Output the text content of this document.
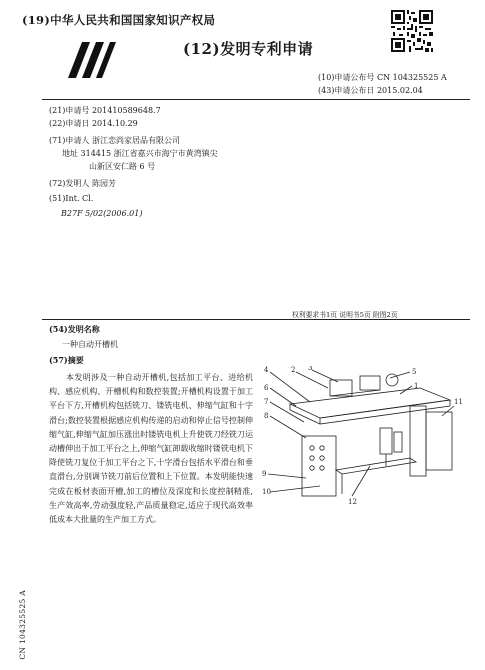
(19)中华人民共和国国家知识产权局
(12)发明专利申请
(10)申请公布号 CN 104325525 A
(43)申请公布日 2015.02.04
(21)申请号 201410589648.7
(22)申请日 2014.10.29
(71)申请人 浙江恋尚家居品有限公司
地址 314415 浙江省嘉兴市海宁市黄湾镇尖
山新区安仁路 6 号
(72)发明人 陈园芳
(51)Int. Cl.
B27F 5/02(2006.01)
权利要求书1页 说明书5页 附图2页
(54)发明名称
一种自动开槽机
(57)摘要
本发明涉及一种自动开槽机,包括加工平台、进给机构、感应机构、开槽机构和数控装置;开槽机构设置于加工平台下方,开槽机构包括铣刀、镂铣电机、伸缩气缸和十字滑台;数控装置根据感应机构传递的启动和停止信号控制伸缩气缸,伸缩气缸加压涨出时镂铣电机上升使铣刀经铣刀运动槽伸出于加工平台之上,伸缩气缸卸载收缩时镂铣电机下降使铣刀复位于加工平台之下,十字滑台包括水平滑台和垂直滑台,分别调节铣刀前后位置和上下位置。本发明能快速完成在板材表面开槽,加工的槽位及深度和长度控制精准,生产效高率,劳动强度轻,产品质量稳定,适应于现代高效率低成本大批量的生产加工方式。
4	2 3	5
1
6
7
8
9
10
11
12
CN 104325525 A
